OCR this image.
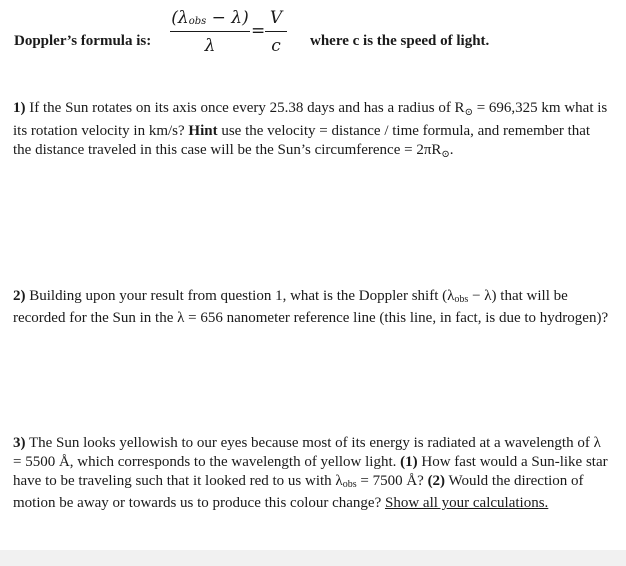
Doppler’s formula is:
$(\lambda_{obs} - \lambda)$
λ
=
V
c	where c is the speed of light.
1) If the Sun rotates on its axis once every 25.38 days and has a radius of $R_⊙ = 696,325$ km what is its rotation velocity in km/s? Hint use the velocity = distance / time formula, and remember that the distance traveled in this case will be the Sun’s circumference = $2\pi R_⊙$.
2) Building upon your result from question 1, what is the Doppler shift $(\lambda_{obs} - \lambda)$ that will be recorded for the Sun in the λ = 656 nanometer reference line (this line, in fact, is due to hydrogen)?
3) The Sun looks yellowish to our eyes because most of its energy is radiated at a wavelength of λ = 5500 Å, which corresponds to the wavelength of yellow light. (1) How fast would a Sun-like star have to be traveling such that it looked red to us with $\lambda_{obs} = 7500$ Å? (2) Would the direction of motion be away or towards us to produce this colour change? Show all your calculations.
